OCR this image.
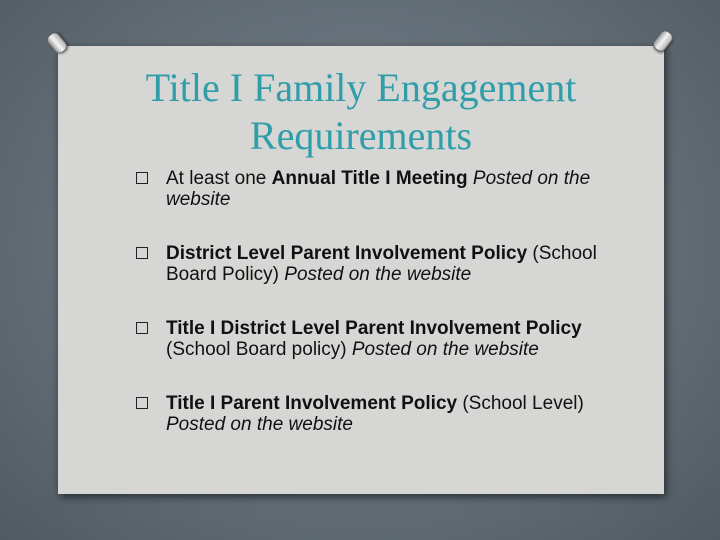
Title I Family Engagement Requirements
At least one Annual Title I Meeting Posted on the website
District Level Parent Involvement Policy (School Board Policy) Posted on the website
Title I District Level Parent Involvement Policy (School Board policy) Posted on the website
Title I Parent Involvement Policy (School Level) Posted on the website
